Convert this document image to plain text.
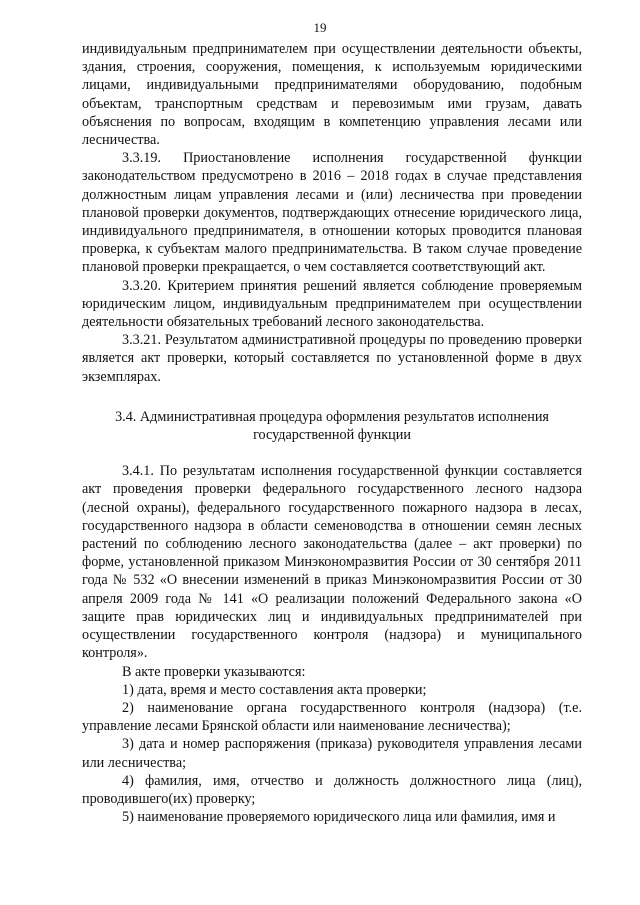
19

индивидуальным предпринимателем при осуществлении деятельности объекты, здания, строения, сооружения, помещения, к используемым юридическими лицами, индивидуальными предпринимателями оборудованию, подобным объектам, транспортным средствам и перевозимым ими грузам, давать объяснения по вопросам, входящим в компетенцию управления лесами или лесничества.

3.3.19. Приостановление исполнения государственной функции законодательством предусмотрено в 2016 – 2018 годах в случае представления должностным лицам управления лесами и (или) лесничества при проведении плановой проверки документов, подтверждающих отнесение юридического лица, индивидуального предпринимателя, в отношении которых проводится плановая проверка, к субъектам малого предпринимательства. В таком случае проведение плановой проверки прекращается, о чем составляется соответствующий акт.

3.3.20. Критерием принятия решений является соблюдение проверяемым юридическим лицом, индивидуальным предпринимателем при осуществлении деятельности обязательных требований лесного законодательства.

3.3.21. Результатом административной процедуры по проведению проверки является акт проверки, который составляется по установленной форме в двух экземплярах.

3.4. Административная процедура оформления результатов исполнения государственной функции

3.4.1. По результатам исполнения государственной функции составляется акт проведения проверки федерального государственного лесного надзора (лесной охраны), федерального государственного пожарного надзора в лесах, государственного надзора в области семеноводства в отношении семян лесных растений по соблюдению лесного законодательства (далее – акт проверки) по форме, установленной приказом Минэкономразвития России от 30 сентября 2011 года № 532 «О внесении изменений в приказ Минэкономразвития России от 30 апреля 2009 года № 141 «О реализации положений Федерального закона «О защите прав юридических лиц и индивидуальных предпринимателей при осуществлении государственного контроля (надзора) и муниципального контроля».

В акте проверки указываются:

1) дата, время и место составления акта проверки;

2) наименование органа государственного контроля (надзора) (т.е. управление лесами Брянской области или наименование лесничества);

3) дата и номер распоряжения (приказа) руководителя управления лесами или лесничества;

4) фамилия, имя, отчество и должность должностного лица (лиц), проводившего(их) проверку;

5) наименование проверяемого юридического лица или фамилия, имя и
